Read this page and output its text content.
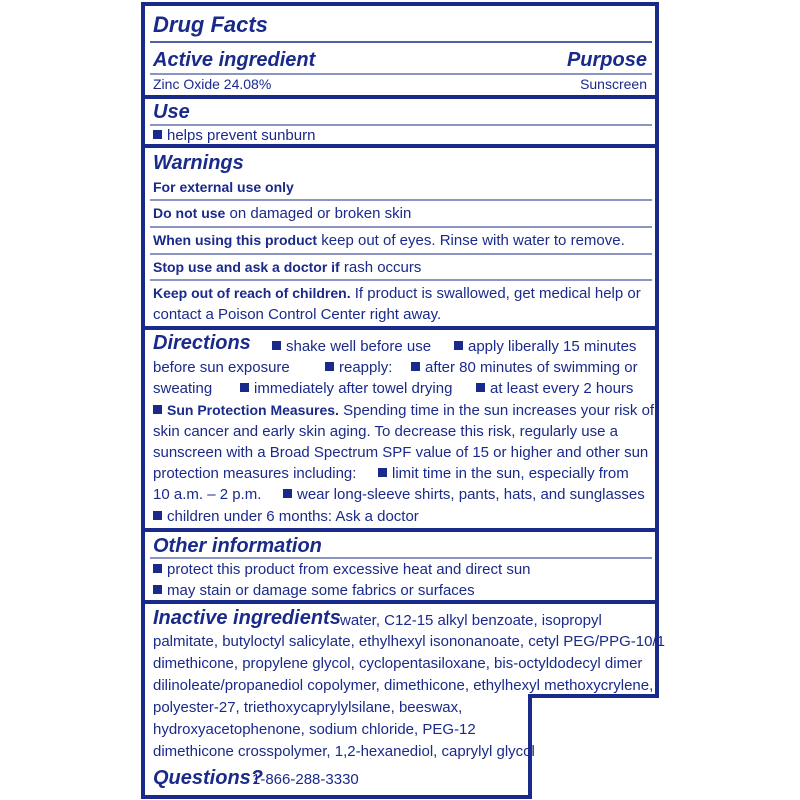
Drug Facts
Active ingredient	Purpose
Zinc Oxide 24.08%	Sunscreen
Use
helps prevent sunburn
Warnings
For external use only
Do not use on damaged or broken skin
When using this product keep out of eyes. Rinse with water to remove.
Stop use and ask a doctor if rash occurs
Keep out of reach of children. If product is swallowed, get medical help or
contact a Poison Control Center right away.
Directions	shake well before use	apply liberally 15 minutes
before sun exposure	reapply:	after 80 minutes of swimming or
sweating	immediately after towel drying	at least every 2 hours
Sun Protection Measures. Spending time in the sun increases your risk of
skin cancer and early skin aging. To decrease this risk, regularly use a
sunscreen with a Broad Spectrum SPF value of 15 or higher and other sun
protection measures including:	limit time in the sun, especially from
10 a.m. – 2 p.m.	wear long-sleeve shirts, pants, hats, and sunglasses
children under 6 months: Ask a doctor
Other information
protect this product from excessive heat and direct sun
may stain or damage some fabrics or surfaces
Inactive ingredients water, C12-15 alkyl benzoate, isopropyl
palmitate, butyloctyl salicylate, ethylhexyl isononanoate, cetyl PEG/PPG-10/1
dimethicone, propylene glycol, cyclopentasiloxane, bis-octyldodecyl dimer
dilinoleate/propanediol copolymer, dimethicone, ethylhexyl methoxycrylene,
polyester-27, triethoxycaprylylsilane, beeswax,
hydroxyacetophenone, sodium chloride, PEG-12
dimethicone crosspolymer, 1,2-hexanediol, caprylyl glycol
Questions?
1-866-288-3330
